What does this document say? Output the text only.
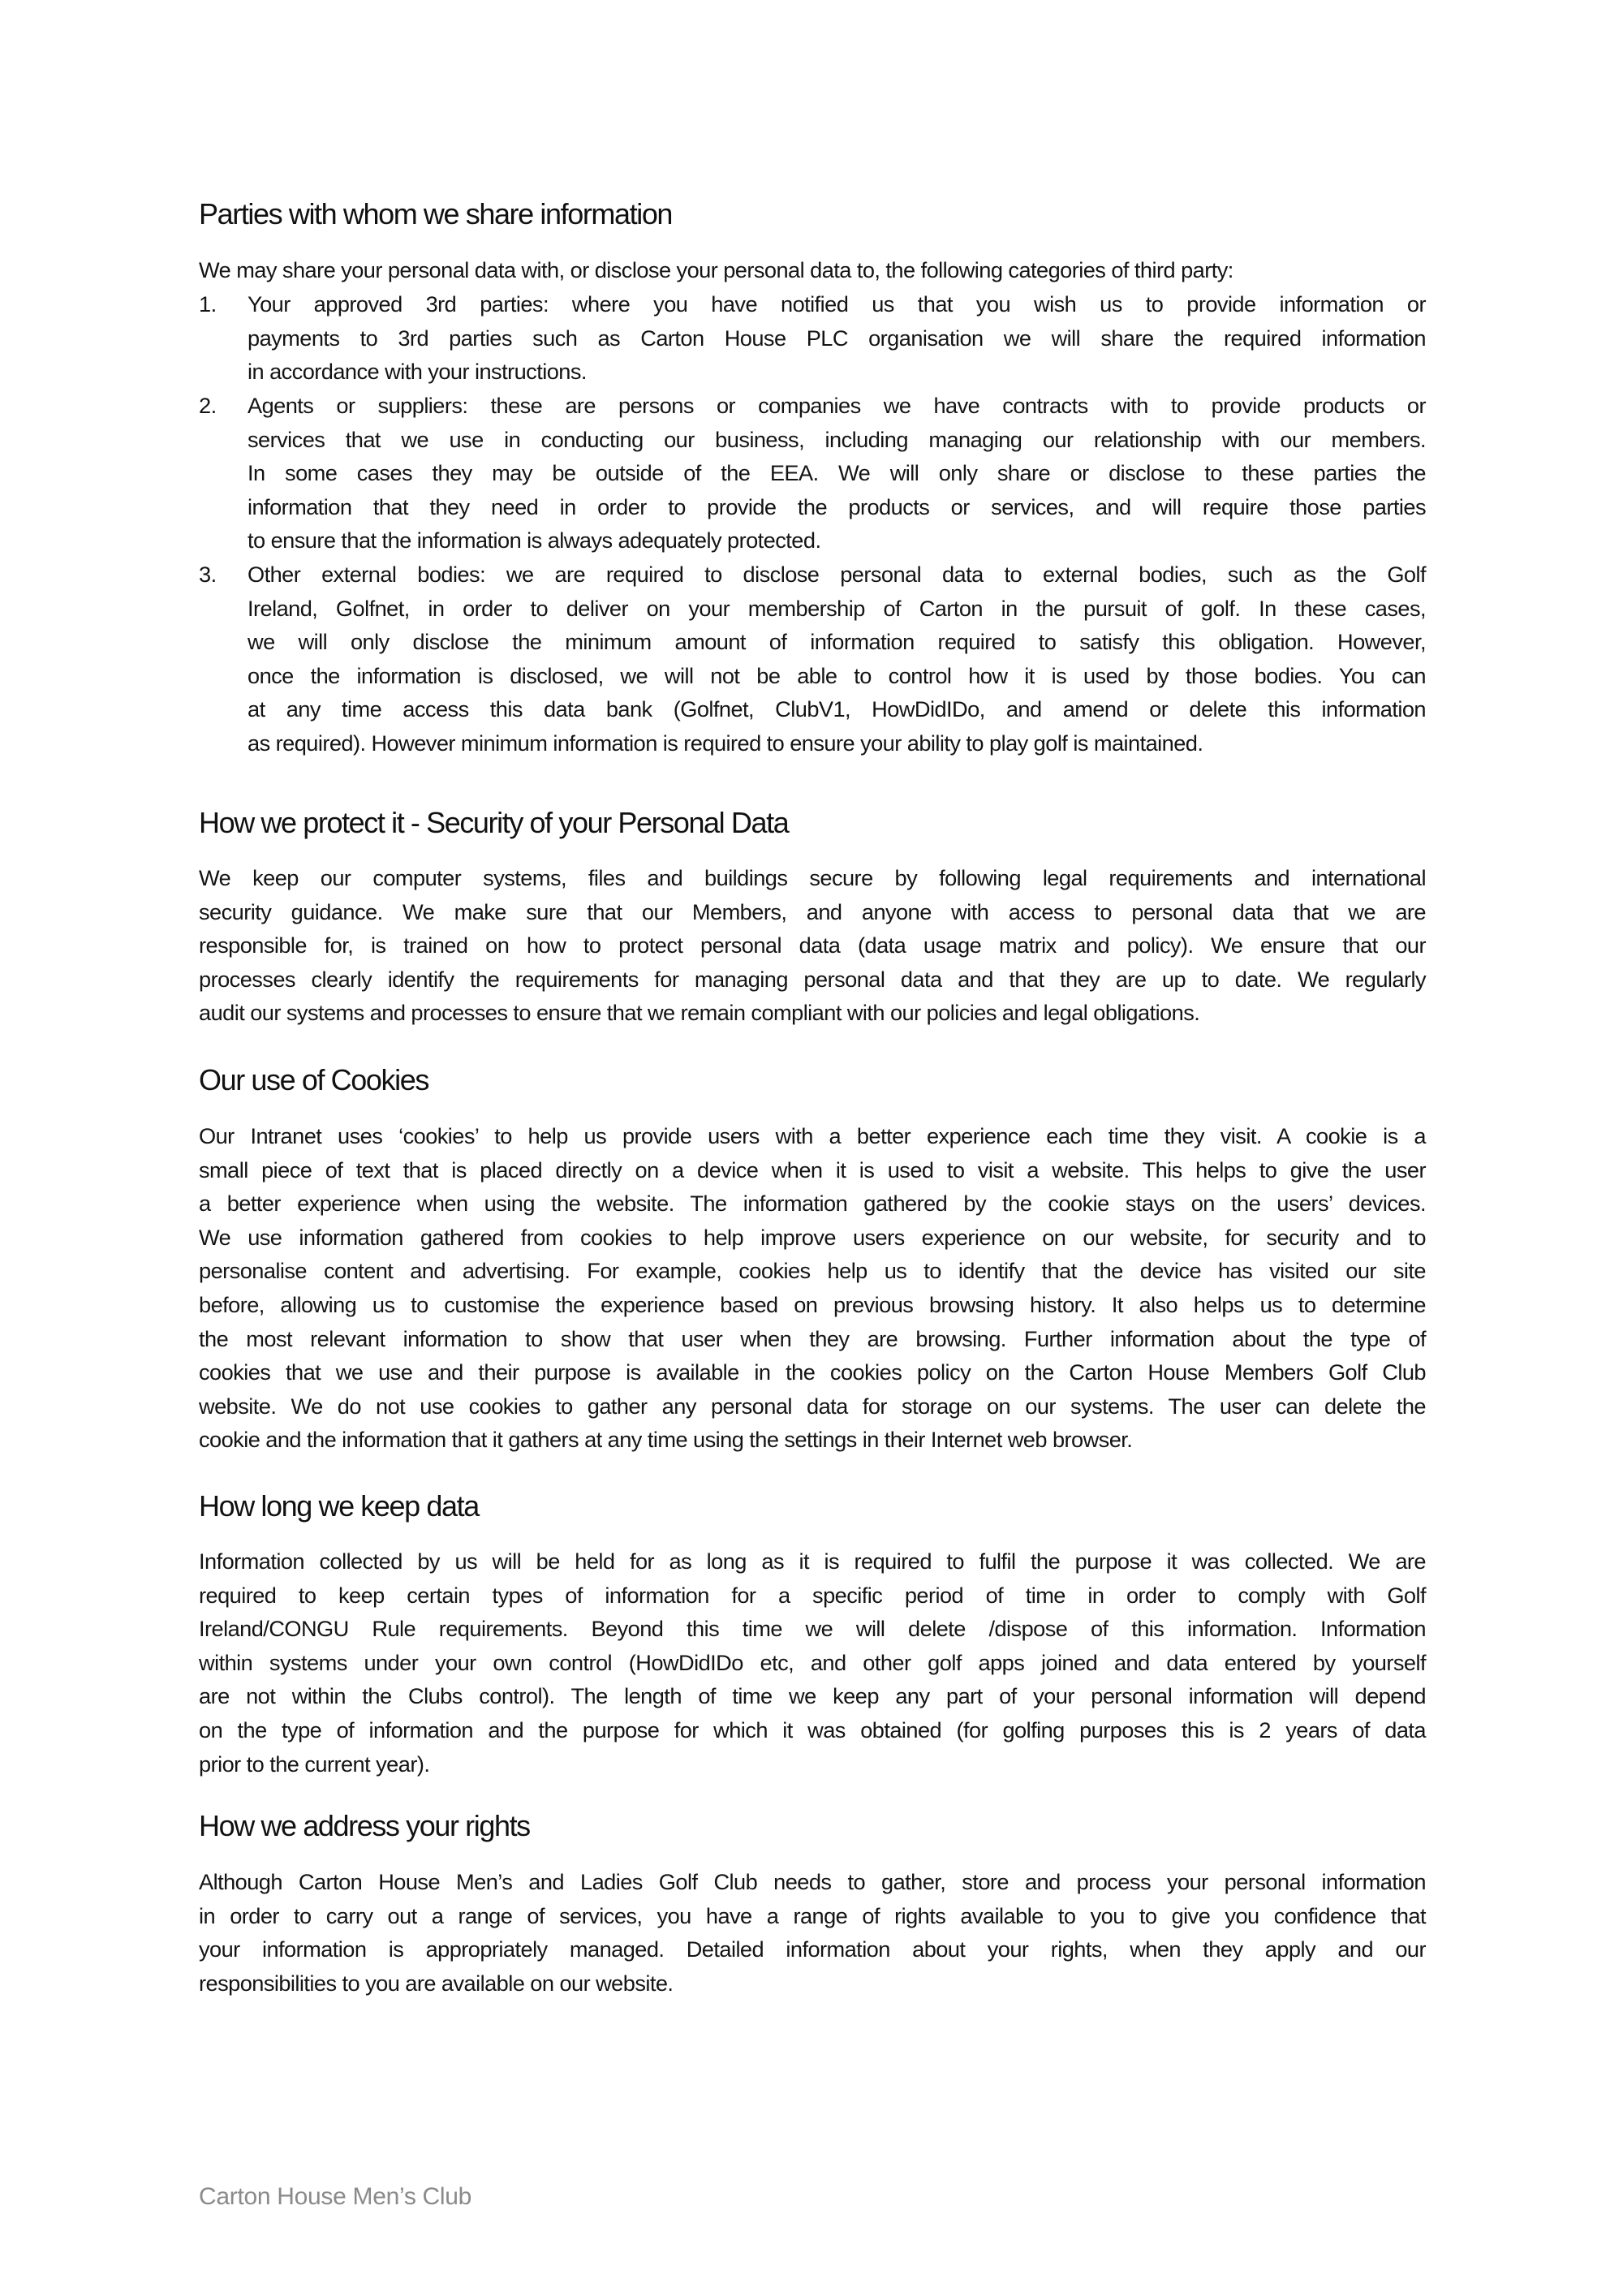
Parties with whom we share information
We may share your personal data with, or disclose your personal data to, the following categories of third party:
1. Your approved 3rd parties: where you have notified us that you wish us to provide information or
payments to 3rd parties such as Carton House PLC organisation we will share the required information
in accordance with your instructions.
2. Agents or suppliers: these are persons or companies we have contracts with to provide products or
services that we use in conducting our business, including managing our relationship with our members.
In some cases they may be outside of the EEA. We will only share or disclose to these parties the
information that they need in order to provide the products or services, and will require those parties
to ensure that the information is always adequately protected.
3. Other external bodies: we are required to disclose personal data to external bodies, such as the Golf
Ireland, Golfnet, in order to deliver on your membership of Carton in the pursuit of golf. In these cases,
we will only disclose the minimum amount of information required to satisfy this obligation. However,
once the information is disclosed, we will not be able to control how it is used by those bodies. You can
at any time access this data bank (Golfnet, ClubV1, HowDidIDo, and amend or delete this information
as required). However minimum information is required to ensure your ability to play golf is maintained.
How we protect it - Security of your Personal Data
We keep our computer systems, files and buildings secure by following legal requirements and international
security guidance. We make sure that our Members, and anyone with access to personal data that we are
responsible for, is trained on how to protect personal data (data usage matrix and policy). We ensure that our
processes clearly identify the requirements for managing personal data and that they are up to date. We regularly
audit our systems and processes to ensure that we remain compliant with our policies and legal obligations.
Our use of Cookies
Our Intranet uses ‘cookies’ to help us provide users with a better experience each time they visit. A cookie is a
small piece of text that is placed directly on a device when it is used to visit a website. This helps to give the user
a better experience when using the website. The information gathered by the cookie stays on the users’ devices.
We use information gathered from cookies to help improve users experience on our website, for security and to
personalise content and advertising. For example, cookies help us to identify that the device has visited our site
before, allowing us to customise the experience based on previous browsing history. It also helps us to determine
the most relevant information to show that user when they are browsing. Further information about the type of
cookies that we use and their purpose is available in the cookies policy on the Carton House Members Golf Club
website. We do not use cookies to gather any personal data for storage on our systems. The user can delete the
cookie and the information that it gathers at any time using the settings in their Internet web browser.
How long we keep data
Information collected by us will be held for as long as it is required to fulfil the purpose it was collected. We are
required to keep certain types of information for a specific period of time in order to comply with Golf
Ireland/CONGU Rule requirements. Beyond this time we will delete /dispose of this information. Information
within systems under your own control (HowDidIDo etc, and other golf apps joined and data entered by yourself
are not within the Clubs control). The length of time we keep any part of your personal information will depend
on the type of information and the purpose for which it was obtained (for golfing purposes this is 2 years of data
prior to the current year).
How we address your rights
Although Carton House Men’s and Ladies Golf Club needs to gather, store and process your personal information
in order to carry out a range of services, you have a range of rights available to you to give you confidence that
your information is appropriately managed. Detailed information about your rights, when they apply and our
responsibilities to you are available on our website.
Carton House Men’s Club
